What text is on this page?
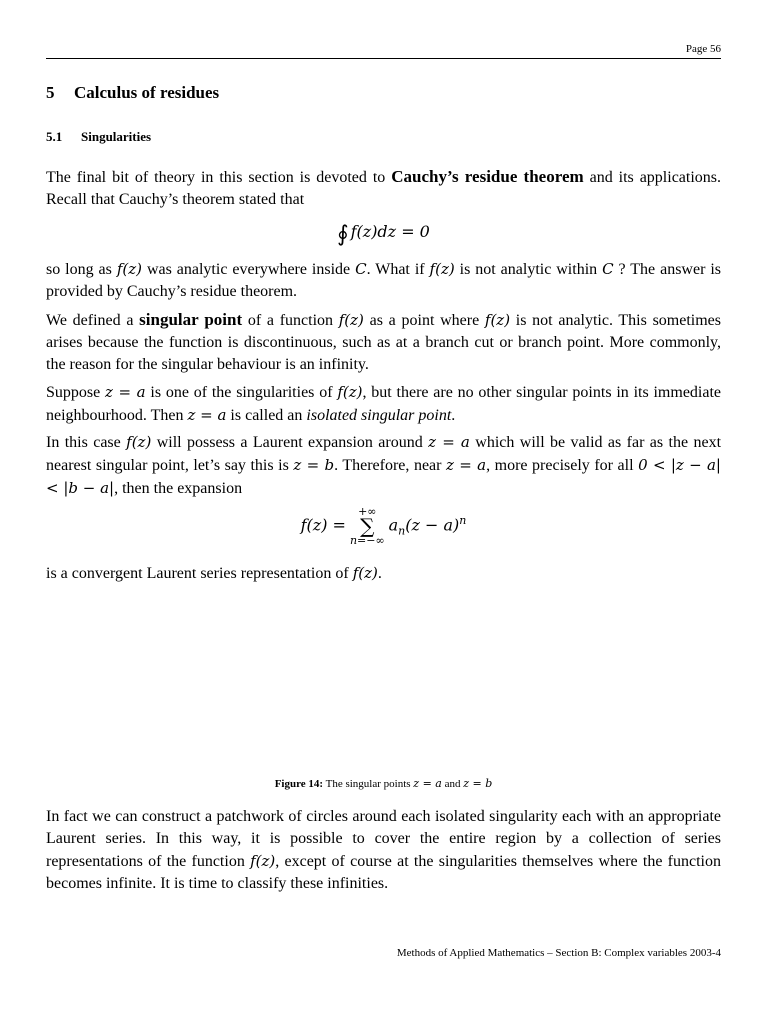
Page 56
5 Calculus of residues
5.1 Singularities

The final bit of theory in this section is devoted to Cauchy’s residue theorem and its applications. Recall that Cauchy’s theorem stated that

∮ f(z)dz = 0

so long as f(z) was analytic everywhere inside C. What if f(z) is not analytic within C ? The answer is provided by Cauchy’s residue theorem.

We defined a singular point of a function f(z) as a point where f(z) is not analytic. This sometimes arises because the function is discontinuous, such as at a branch cut or branch point. More commonly, the reason for the singular behaviour is an infinity.

Suppose z = a is one of the singularities of f(z), but there are no other singular points in its immediate neighbourhood. Then z = a is called an isolated singular point.

In this case f(z) will possess a Laurent expansion around z = a which will be valid as far as the next nearest singular point, let’s say this is z = b. Therefore, near z = a, more precisely for all 0 < |z − a| < |b − a|, then the expansion

f(z) =
+∞
∑
n=−∞
$a_n(z - a)^n$

is a convergent Laurent series representation of f(z).

Figure 14: The singular points z = a and z = b

In fact we can construct a patchwork of circles around each isolated singularity each with an appropriate Laurent series. In this way, it is possible to cover the entire region by a collection of series representations of the function f(z), except of course at the singularities themselves where the function becomes infinite. It is time to classify these infinities.

Methods of Applied Mathematics – Section B: Complex variables 2003-4
